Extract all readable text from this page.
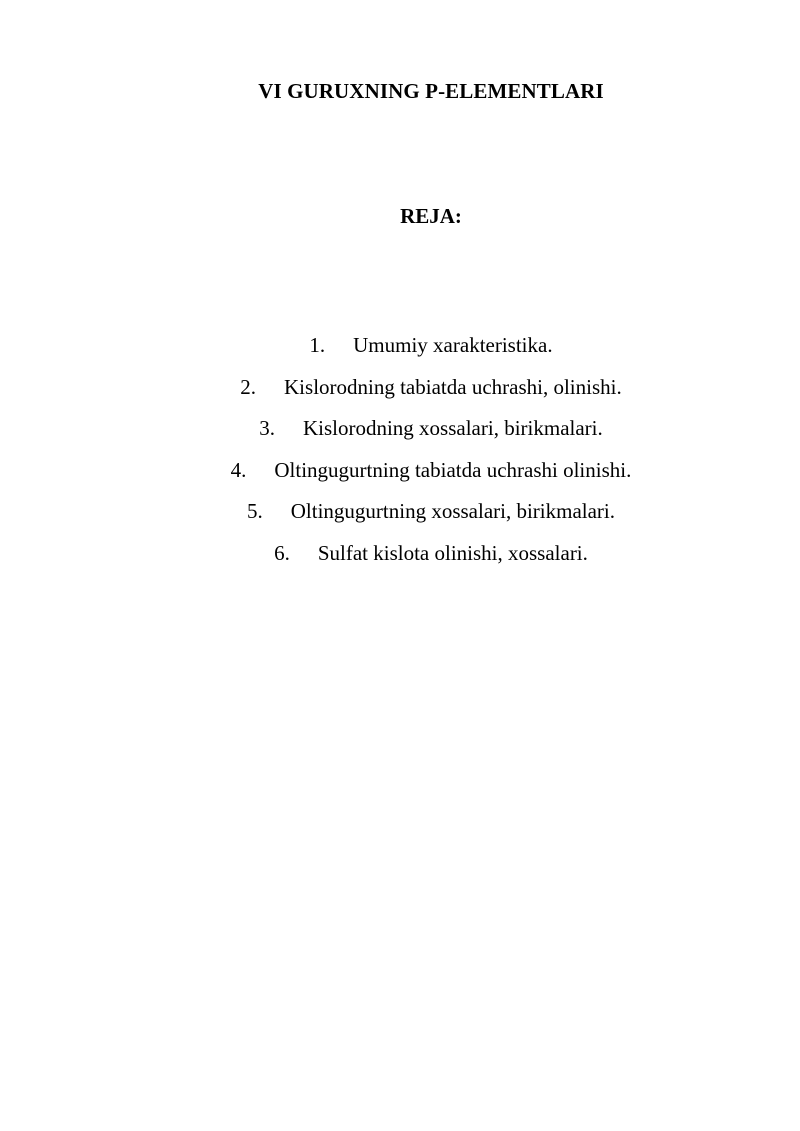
VI GURUXNING P-ELEMENTLARI
REJA:
1. Umumiy xarakteristika.
2. Kislorodning tabiatda uchrashi, olinishi.
3. Kislorodning xossalari, birikmalari.
4. Oltingugurtning tabiatda uchrashi olinishi.
5. Oltingugurtning xossalari, birikmalari.
6. Sulfat kislota olinishi, xossalari.
